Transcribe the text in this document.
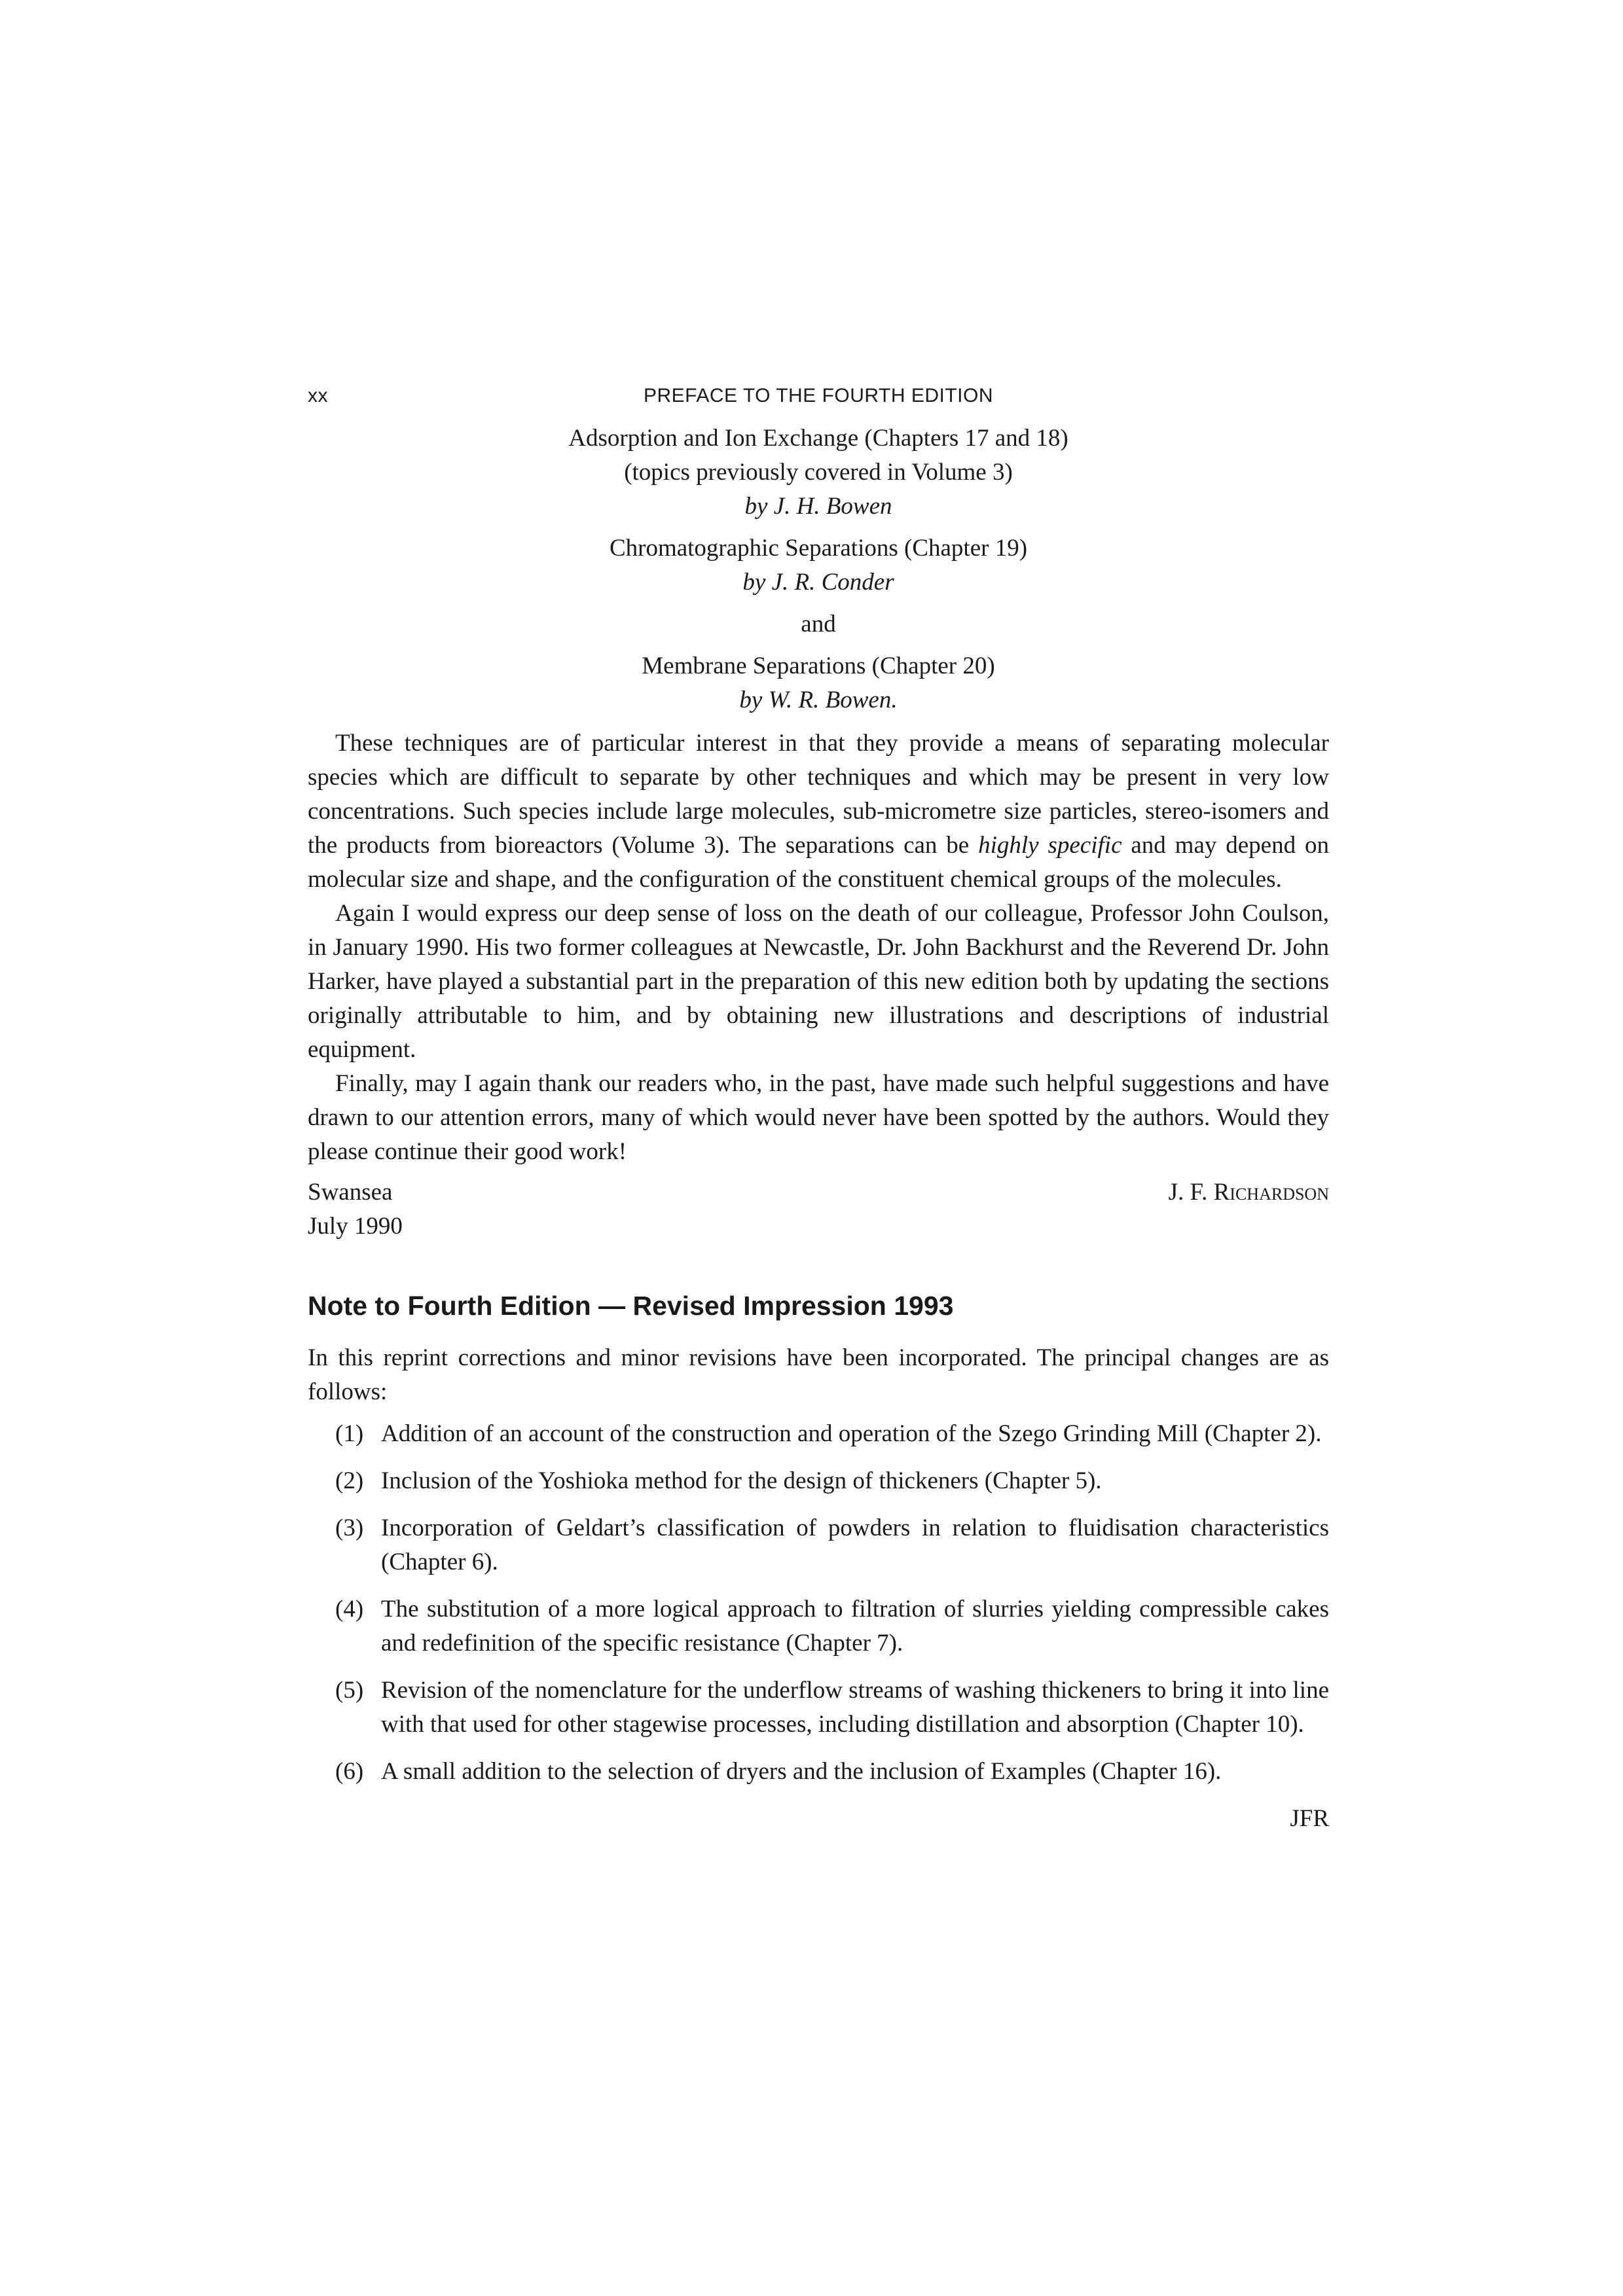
xx	PREFACE TO THE FOURTH EDITION
Adsorption and Ion Exchange (Chapters 17 and 18)
(topics previously covered in Volume 3)
by J. H. Bowen
Chromatographic Separations (Chapter 19)
by J. R. Conder
and
Membrane Separations (Chapter 20)
by W. R. Bowen.

These techniques are of particular interest in that they provide a means of separating molecular species which are difficult to separate by other techniques and which may be present in very low concentrations. Such species include large molecules, sub-micrometre size particles, stereo-isomers and the products from bioreactors (Volume 3). The separations can be highly specific and may depend on molecular size and shape, and the configuration of the constituent chemical groups of the molecules.

Again I would express our deep sense of loss on the death of our colleague, Professor John Coulson, in January 1990. His two former colleagues at Newcastle, Dr. John Backhurst and the Reverend Dr. John Harker, have played a substantial part in the preparation of this new edition both by updating the sections originally attributable to him, and by obtaining new illustrations and descriptions of industrial equipment.

Finally, may I again thank our readers who, in the past, have made such helpful suggestions and have drawn to our attention errors, many of which would never have been spotted by the authors. Would they please continue their good work!

Swansea
July 1990
J. F. Richardson
Note to Fourth Edition — Revised Impression 1993

In this reprint corrections and minor revisions have been incorporated. The principal changes are as follows:

(1) Addition of an account of the construction and operation of the Szego Grinding Mill (Chapter 2).
(2) Inclusion of the Yoshioka method for the design of thickeners (Chapter 5).
(3) Incorporation of Geldart’s classification of powders in relation to fluidisation characteristics (Chapter 6).
(4) The substitution of a more logical approach to filtration of slurries yielding compressible cakes and redefinition of the specific resistance (Chapter 7).
(5) Revision of the nomenclature for the underflow streams of washing thickeners to bring it into line with that used for other stagewise processes, including distillation and absorption (Chapter 10).
(6) A small addition to the selection of dryers and the inclusion of Examples (Chapter 16).
JFR
